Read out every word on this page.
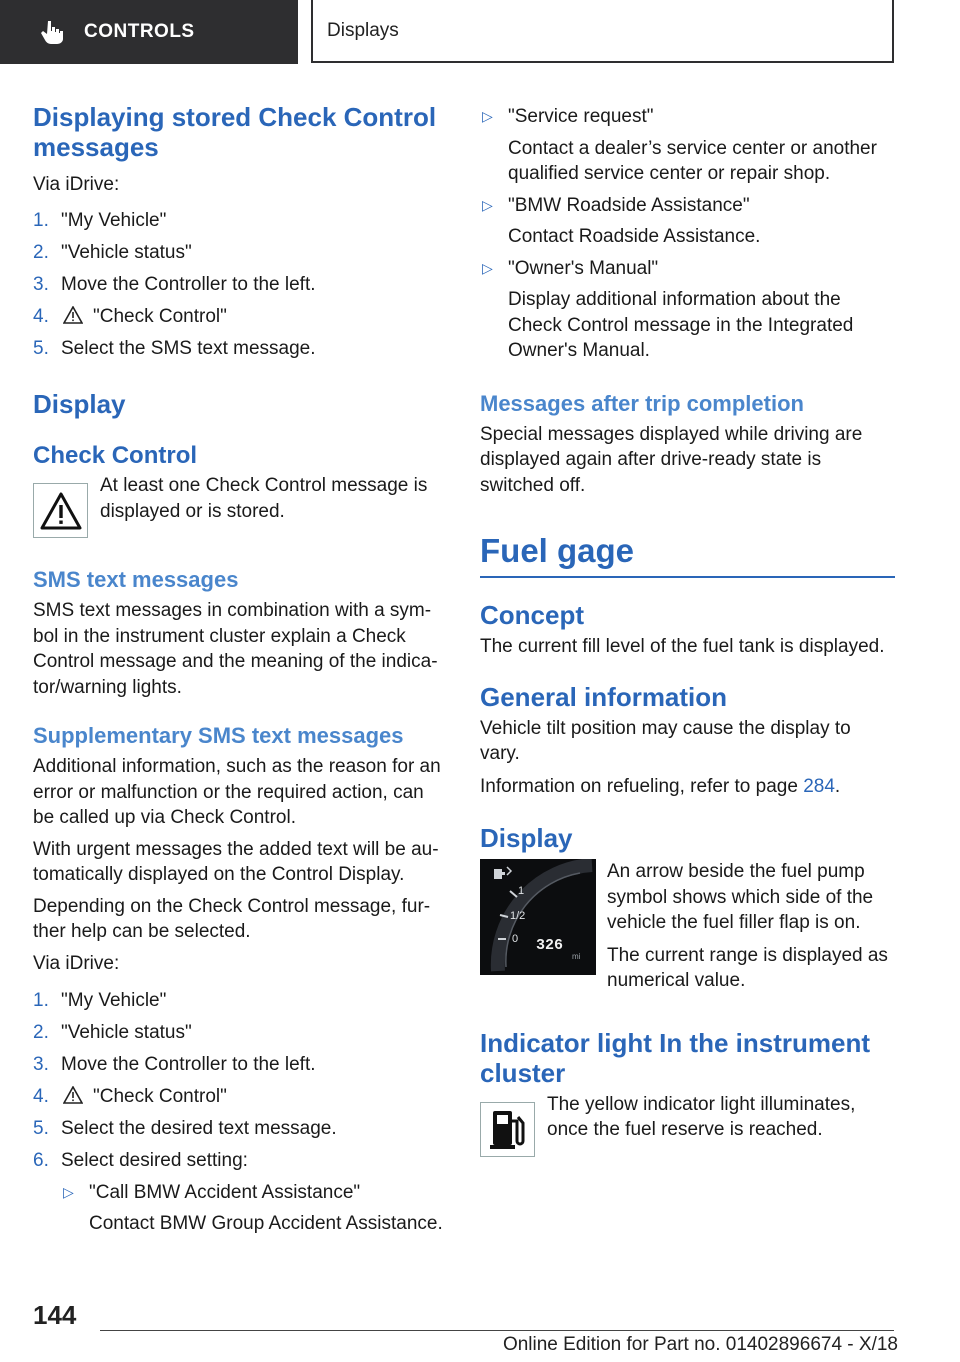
CONTROLS	Displays
Displaying stored Check Control messages

Via iDrive:

1. "My Vehicle"
2. "Vehicle status"
3. Move the Controller to the left.
4. "Check Control"
5. Select the SMS text message.
Display
Check Control

At least one Check Control message is displayed or is stored.

SMS text messages

SMS text messages in combination with a symbol in the instrument cluster explain a Check Control message and the meaning of the indicator/warning lights.

Supplementary SMS text messages

Additional information, such as the reason for an error or malfunction or the required action, can be called up via Check Control.

With urgent messages the added text will be automatically displayed on the Control Display.

Depending on the Check Control message, further help can be selected.

Via iDrive:

1. "My Vehicle"
2. "Vehicle status"
3. Move the Controller to the left.
4. "Check Control"
5. Select the desired text message.
6. Select desired setting:
▷ "Call BMW Accident Assistance"
Contact BMW Group Accident Assistance.
▷ "Service request"
Contact a dealer’s service center or another qualified service center or repair shop.
▷ "BMW Roadside Assistance"
Contact Roadside Assistance.
▷ "Owner's Manual"
Display additional information about the Check Control message in the Integrated Owner's Manual.
Messages after trip completion

Special messages displayed while driving are displayed again after drive-ready state is switched off.

Fuel gage
Concept

The current fill level of the fuel tank is displayed.

General information

Vehicle tilt position may cause the display to vary.

Information on refueling, refer to page 284.

Display
1
1/2
0 326
mi

An arrow beside the fuel pump symbol shows which side of the vehicle the fuel filler flap is on.

The current range is displayed as numerical value.

Indicator light In the instrument cluster

The yellow indicator light illuminates, once the fuel reserve is reached.

144
Online Edition for Part no. 01402896674 - X/18
